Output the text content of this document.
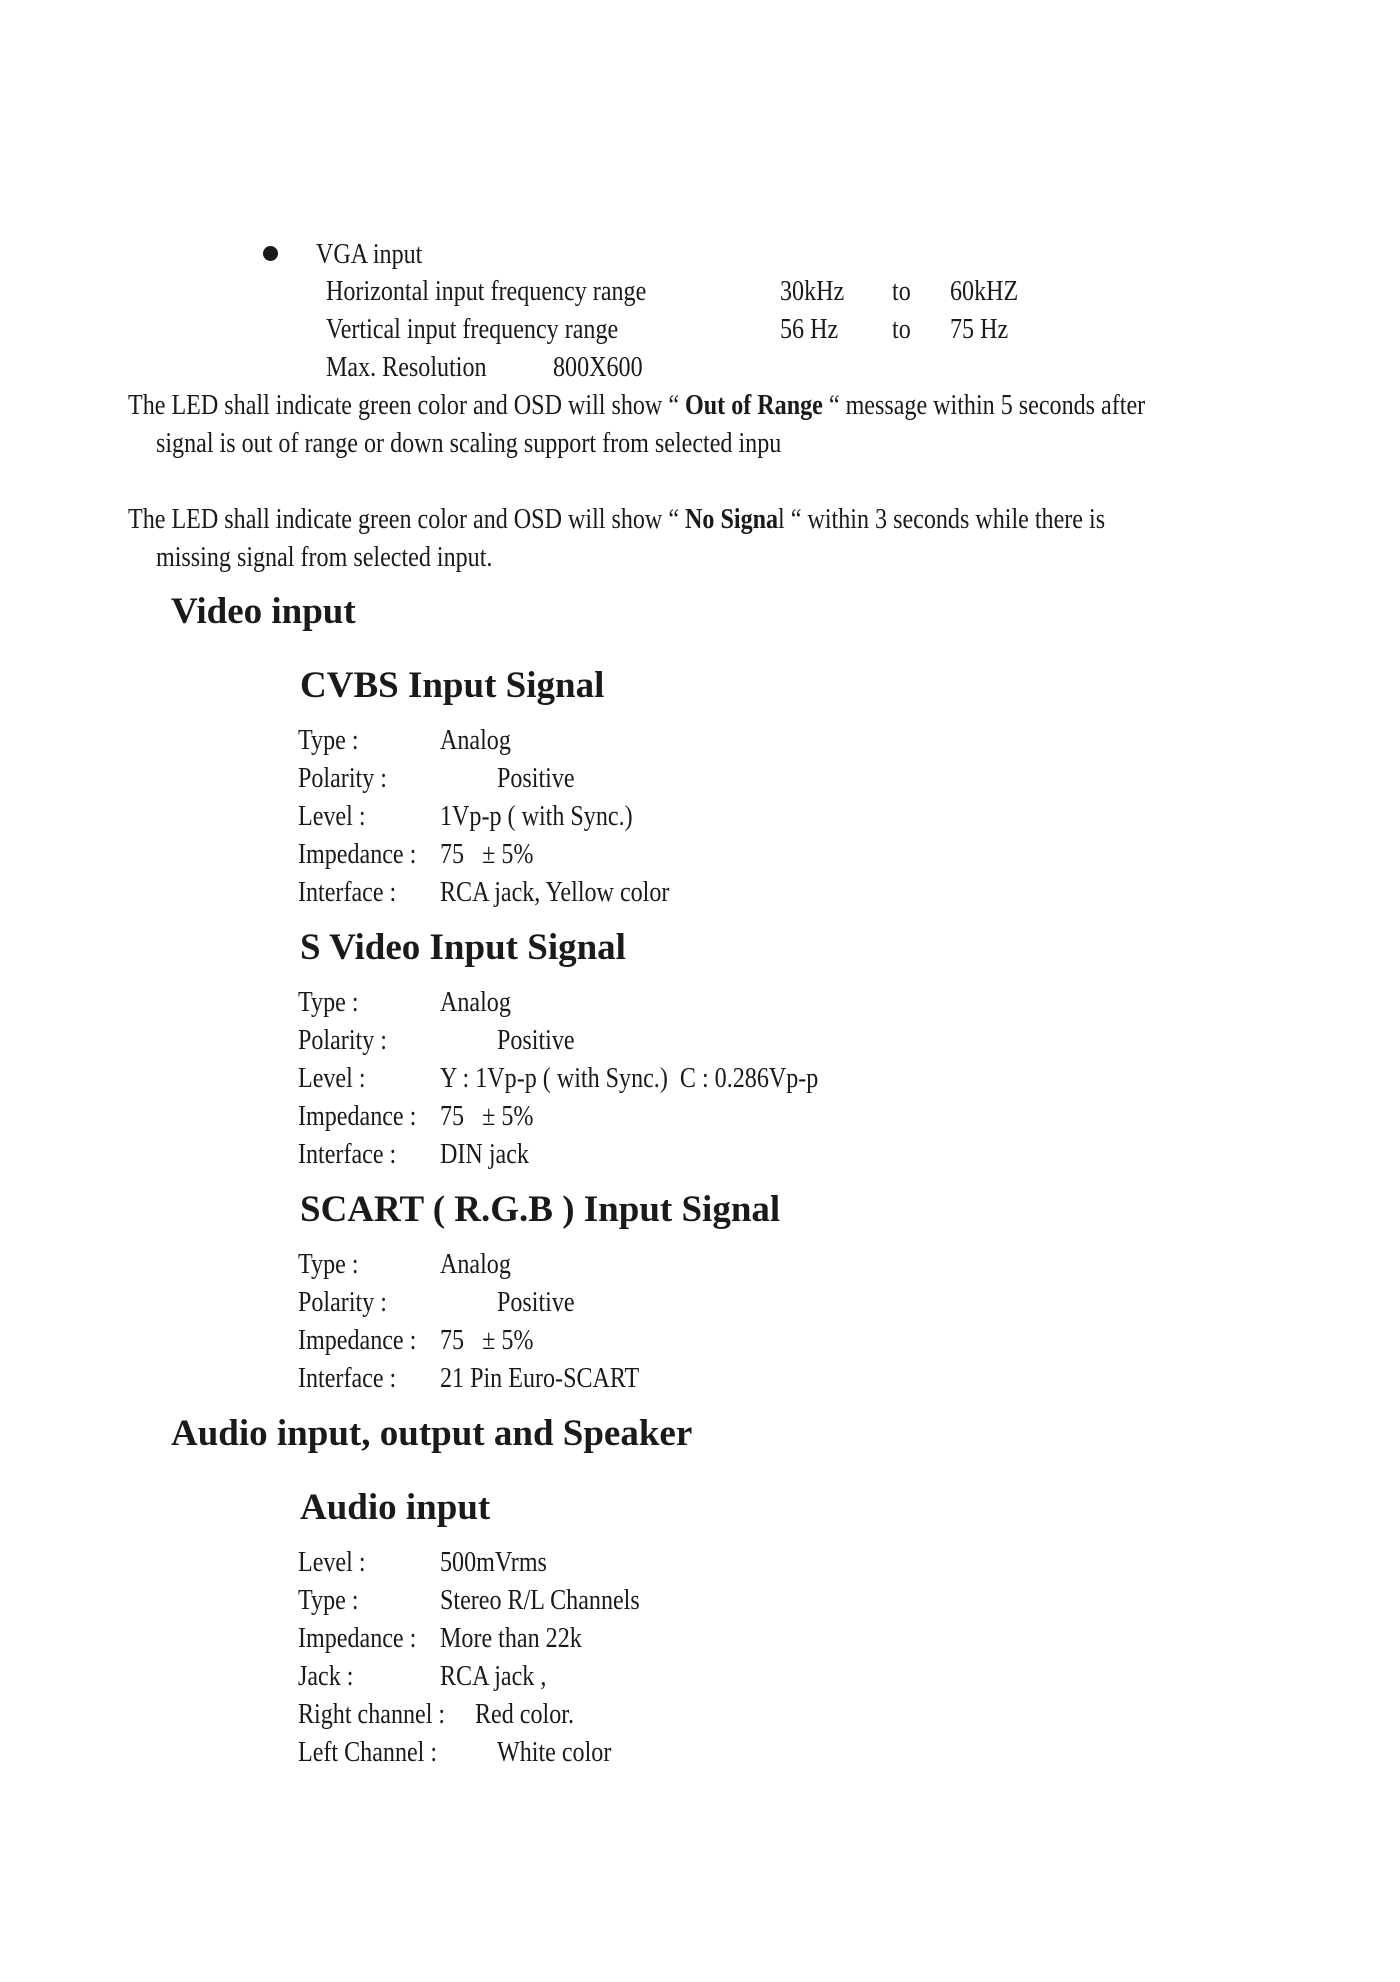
VGA input
Horizontal input frequency range	30kHz to 60kHZ
Vertical input frequency range	56 Hz to 75 Hz
Max. Resolution 800X600
The LED shall indicate green color and OSD will show “ Out of Range “ message within 5 seconds after
signal is out of range or down scaling support from selected inpu
The LED shall indicate green color and OSD will show “ No Signal “ within 3 seconds while there is
missing signal from selected input.
Video input
CVBS Input Signal
Type :	Analog
Polarity :	Positive
Level :	1Vp-p ( with Sync.)
Impedance : 75   ± 5%
Interface : RCA jack, Yellow color
S Video Input Signal
Type :	Analog
Polarity :	Positive
Level :	Y : 1Vp-p ( with Sync.)  C : 0.286Vp-p
Impedance : 75   ± 5%
Interface : DIN jack
SCART ( R.G.B ) Input Signal
Type :	Analog
Polarity :	Positive
Impedance : 75   ± 5%
Interface : 21 Pin Euro-SCART
Audio input, output and Speaker
Audio input
Level :	500mVrms
Type :	Stereo R/L Channels
Impedance : More than 22k
Jack :	RCA jack ,
Right channel : Red color.
Left Channel : White color
